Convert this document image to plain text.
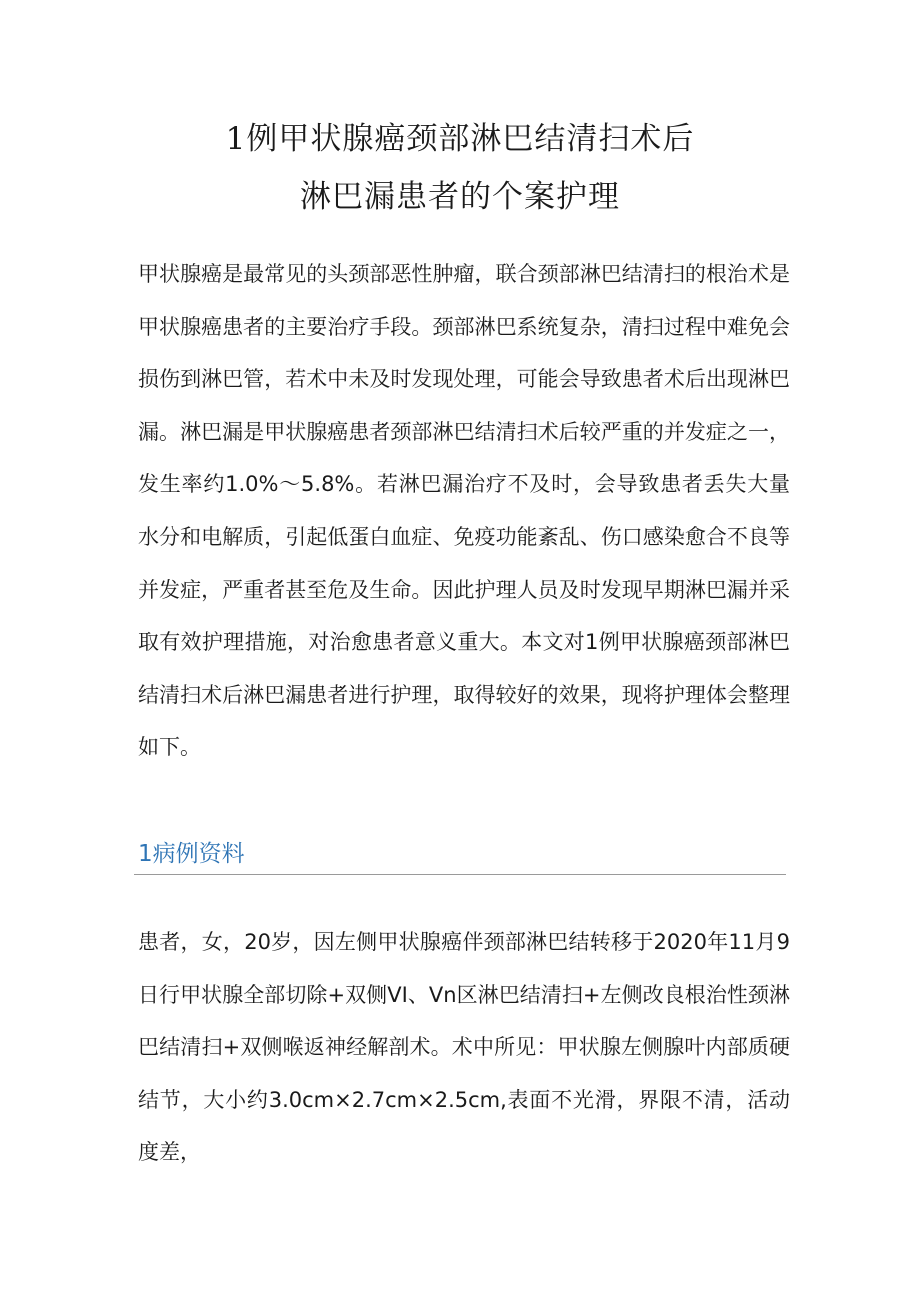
1例甲状腺癌颈部淋巴结清扫术后
淋巴漏患者的个案护理

甲状腺癌是最常见的头颈部恶性肿瘤，联合颈部淋巴结清扫的根治术是甲状腺癌患者的主要治疗手段。颈部淋巴系统复杂，清扫过程中难免会损伤到淋巴管，若术中未及时发现处理，可能会导致患者术后出现淋巴漏。淋巴漏是甲状腺癌患者颈部淋巴结清扫术后较严重的并发症之一，发生率约1.0%～5.8%。若淋巴漏治疗不及时，会导致患者丢失大量水分和电解质，引起低蛋白血症、免疫功能紊乱、伤口感染愈合不良等并发症，严重者甚至危及生命。因此护理人员及时发现早期淋巴漏并采取有效护理措施，对治愈患者意义重大。本文对1例甲状腺癌颈部淋巴结清扫术后淋巴漏患者进行护理，取得较好的效果，现将护理体会整理如下。

1病例资料

患者，女，20岁，因左侧甲状腺癌伴颈部淋巴结转移于2020年11月9日行甲状腺全部切除+双侧VI、Vn区淋巴结清扫+左侧改良根治性颈淋巴结清扫+双侧喉返神经解剖术。术中所见：甲状腺左侧腺叶内部质硬结节，大小约3.0cm×2.7cm×2.5cm,表面不光滑，界限不清，活动度差，
